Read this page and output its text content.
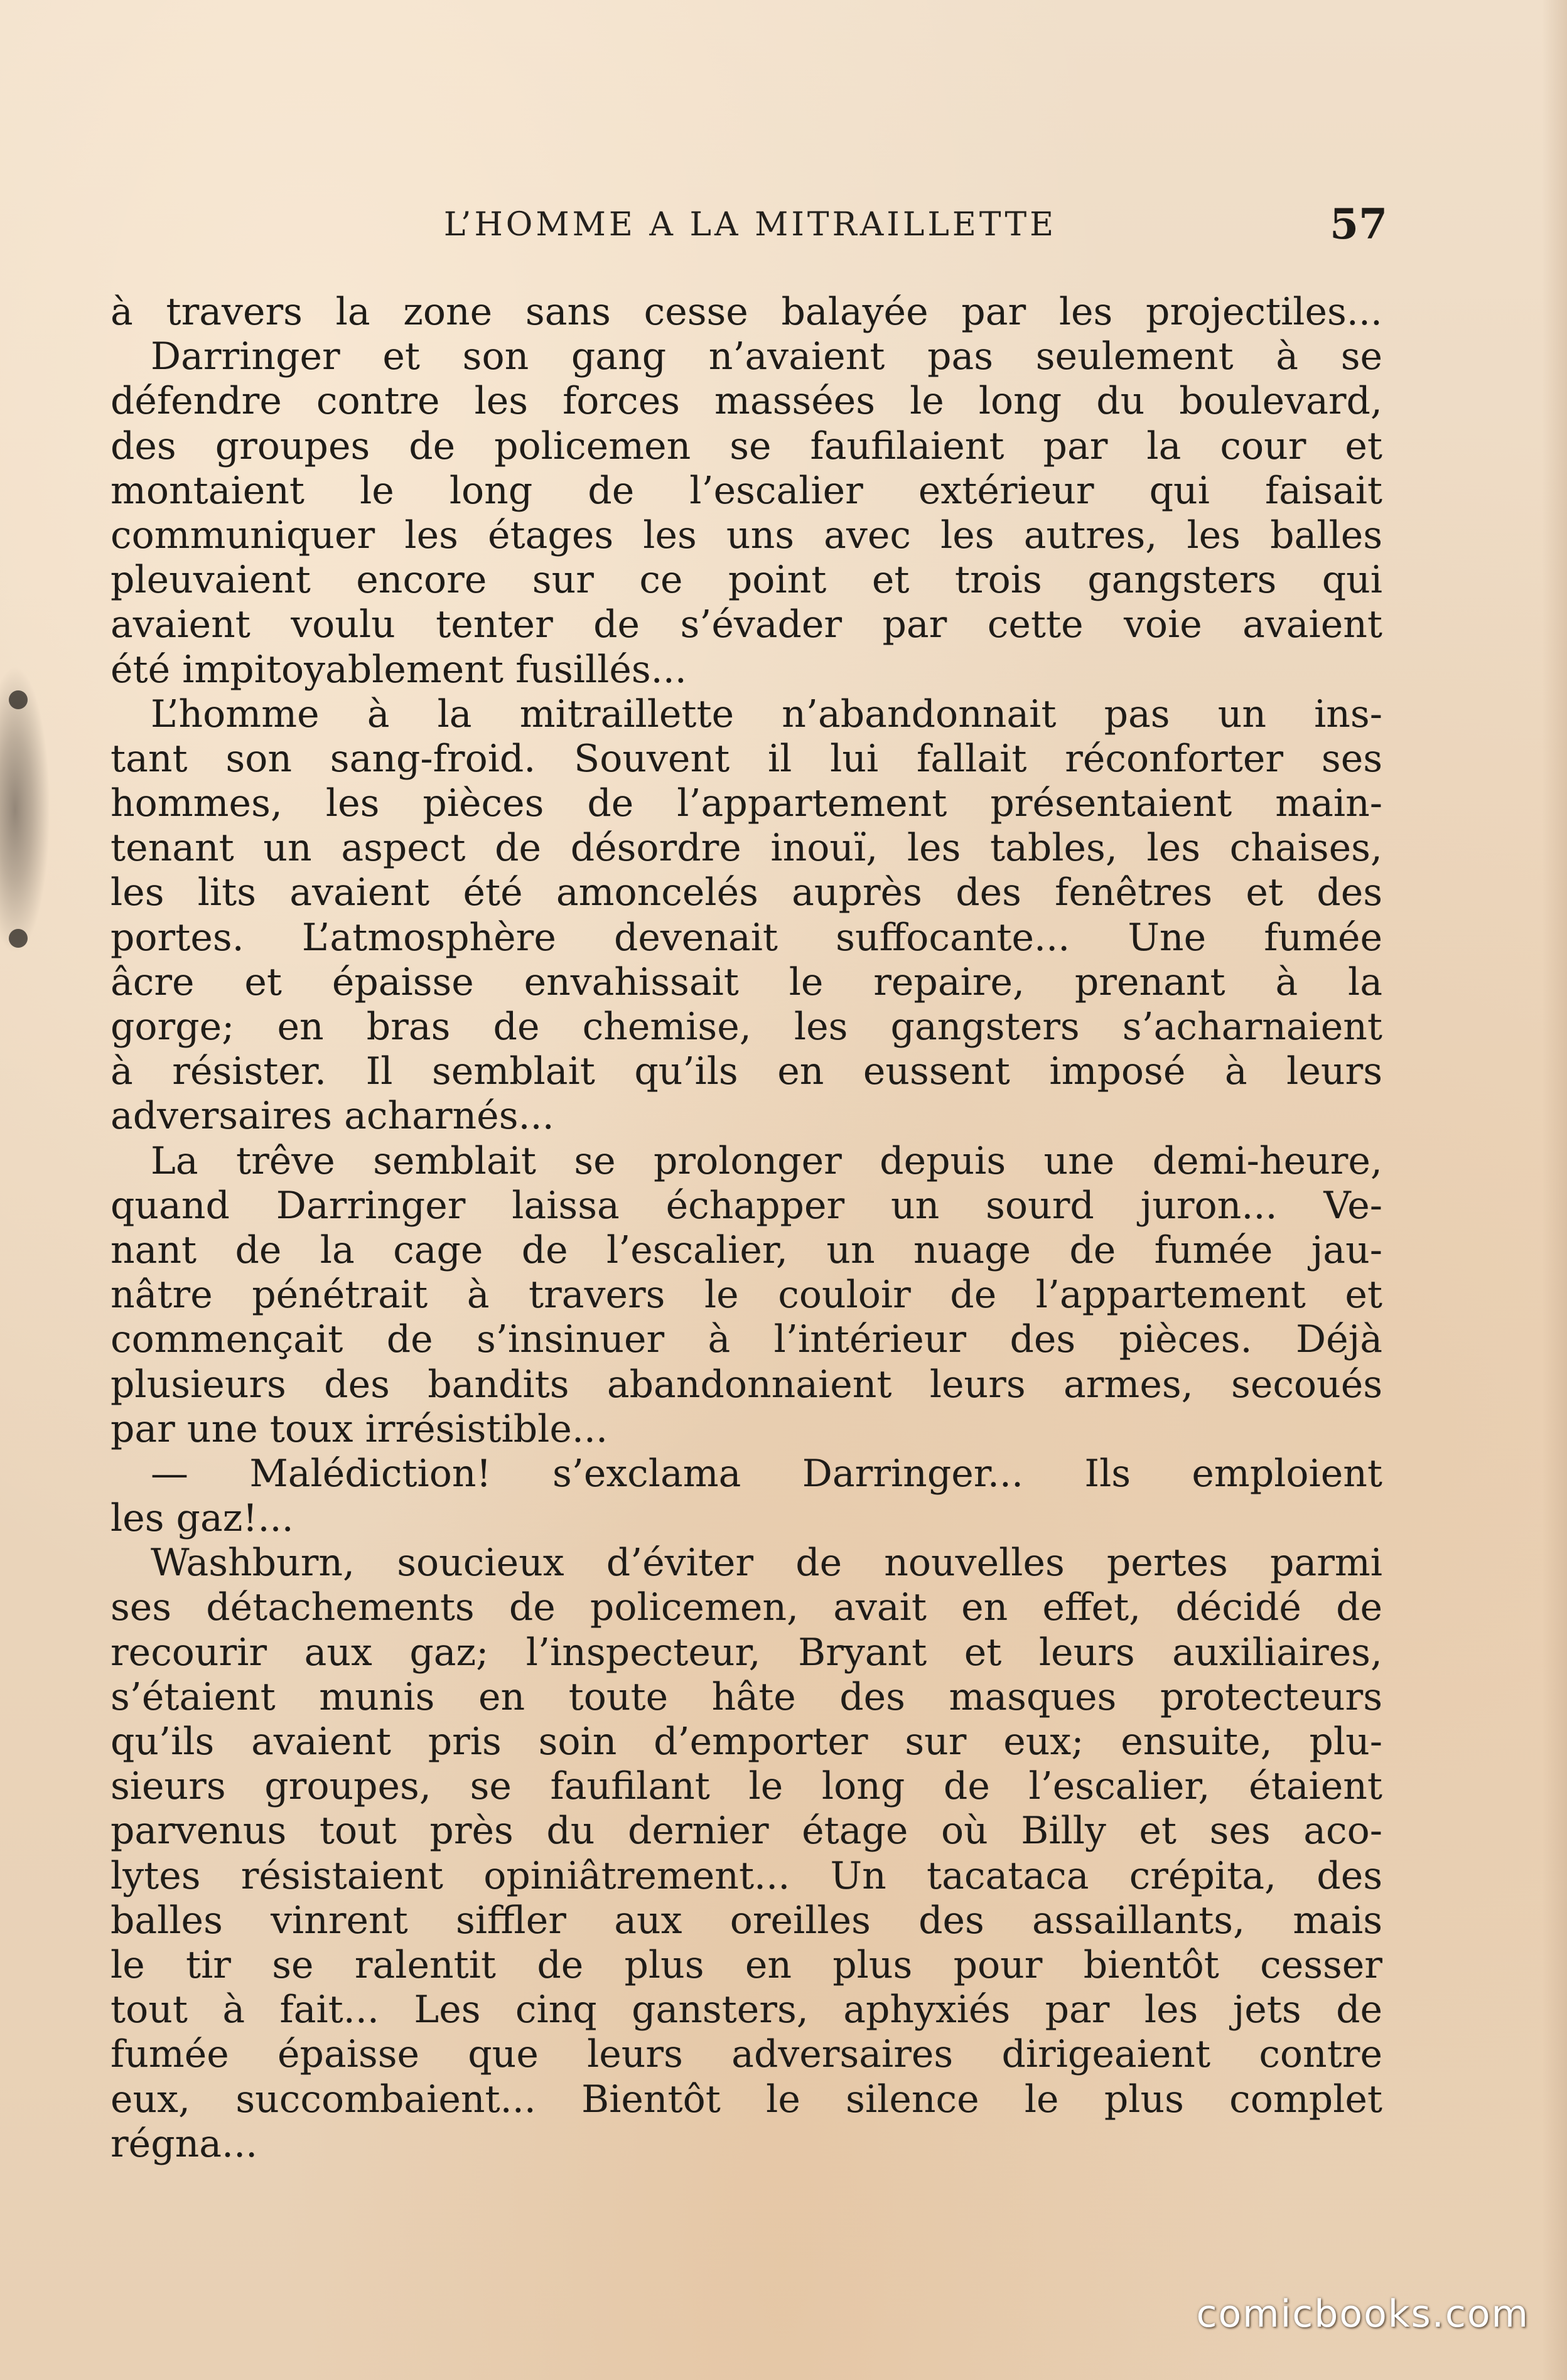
L’HOMME A LA MITRAILLETTE	57
à travers la zone sans cesse balayée par les projectiles...
Darringer et son gang n’avaient pas seulement à se
défendre contre les forces massées le long du boulevard,
des groupes de policemen se faufilaient par la cour et
montaient le long de l’escalier extérieur qui faisait
communiquer les étages les uns avec les autres, les balles
pleuvaient encore sur ce point et trois gangsters qui
avaient voulu tenter de s’évader par cette voie avaient
été impitoyablement fusillés...
L’homme à la mitraillette n’abandonnait pas un ins-
tant son sang-froid. Souvent il lui fallait réconforter ses
hommes, les pièces de l’appartement présentaient main-
tenant un aspect de désordre inouï, les tables, les chaises,
les lits avaient été amoncelés auprès des fenêtres et des
portes. L’atmosphère devenait suffocante... Une fumée
âcre et épaisse envahissait le repaire, prenant à la
gorge; en bras de chemise, les gangsters s’acharnaient
à résister. Il semblait qu’ils en eussent imposé à leurs
adversaires acharnés...
La trêve semblait se prolonger depuis une demi-heure,
quand Darringer laissa échapper un sourd juron... Ve-
nant de la cage de l’escalier, un nuage de fumée jau-
nâtre pénétrait à travers le couloir de l’appartement et
commençait de s’insinuer à l’intérieur des pièces. Déjà
plusieurs des bandits abandonnaient leurs armes, secoués
par une toux irrésistible...
— Malédiction! s’exclama Darringer... Ils emploient
les gaz!...
Washburn, soucieux d’éviter de nouvelles pertes parmi
ses détachements de policemen, avait en effet, décidé de
recourir aux gaz; l’inspecteur, Bryant et leurs auxiliaires,
s’étaient munis en toute hâte des masques protecteurs
qu’ils avaient pris soin d’emporter sur eux; ensuite, plu-
sieurs groupes, se faufilant le long de l’escalier, étaient
parvenus tout près du dernier étage où Billy et ses aco-
lytes résistaient opiniâtrement... Un tacataca crépita, des
balles vinrent siffler aux oreilles des assaillants, mais
le tir se ralentit de plus en plus pour bientôt cesser
tout à fait... Les cinq gansters, aphyxiés par les jets de
fumée épaisse que leurs adversaires dirigeaient contre
eux, succombaient... Bientôt le silence le plus complet
régna...
comicbooks.com
